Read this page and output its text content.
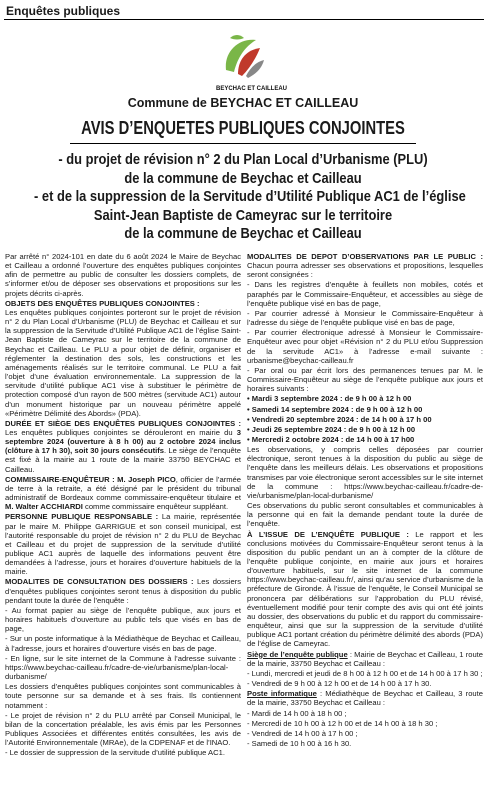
Enquêtes publiques
BEYCHAC ET CAILLEAU
Commune de BEYCHAC ET CAILLEAU
AVIS D’ENQUETES PUBLIQUES CONJOINTES
- du projet de révision n° 2 du Plan Local d’Urbanisme (PLU)
de la commune de Beychac et Cailleau
- et de la suppression de la Servitude d’Utilité Publique AC1 de l’église
Saint-Jean Baptiste de Cameyrac sur le territoire
de la commune de Beychac et Cailleau

Par arrêté n° 2024-101 en date du 6 août 2024 le Maire de Beychac et Cailleau a ordonné l’ouverture des enquêtes publiques conjointes afin de permettre au public de consulter les dossiers complets, de s’informer et/ou de déposer ses observations et propositions sur les projets décrits ci-après.

OBJETS DES ENQUÊTES PUBLIQUES CONJOINTES :
Les enquêtes publiques conjointes porteront sur le projet de révision n° 2 du Plan Local d’Urbanisme (PLU) de Beychac et Cailleau et sur la suppression de la Servitude d’Utilité Publique AC1 de l’église Saint-Jean Baptiste de Cameyrac sur le territoire de la commune de Beychac et Cailleau. Le PLU a pour objet de définir, organiser et réglementer la destination des sols, les constructions et les aménagements réalisés sur le territoire communal. Le PLU a fait l’objet d’une évaluation environnementale. La suppression de la servitude d’utilité publique AC1 vise à substituer le périmètre de protection composé d’un rayon de 500 mètres (servitude AC1) autour d’un monument historique par un nouveau périmètre appelé «Périmètre Délimité des Abords» (PDA).

DURÉE ET SIÈGE DES ENQUÊTES PUBLIQUES CONJOINTES : Les enquêtes publiques conjointes se dérouleront en mairie du 3 septembre 2024 (ouverture à 8 h 00) au 2 octobre 2024 inclus (clôture à 17 h 30), soit 30 jours consécutifs. Le siège de l’enquête est fixé à la mairie au 1 route de la mairie 33750 BEYCHAC et Cailleau.

COMMISSAIRE-ENQUÊTEUR : M. Joseph PICO, officier de l’armée de terre à la retraite, a été désigné par le président du tribunal administratif de Bordeaux comme commissaire-enquêteur titulaire et M. Walter ACCHIARDI comme commissaire enquêteur suppléant.

PERSONNE PUBLIQUE RESPONSABLE : La mairie, représentée par le maire M. Philippe GARRIGUE et son conseil municipal, est l’autorité responsable du projet de révision n° 2 du PLU de Beychac et Cailleau et du projet de suppression de la servitude d’utilité publique AC1 auprès de laquelle des informations peuvent être demandées à l’adresse, jours et horaires d’ouverture habituels de la mairie.

MODALITES DE CONSULTATION DES DOSSIERS : Les dossiers d’enquêtes publiques conjointes seront tenus à disposition du public pendant toute la durée de l’enquête :

- Au format papier au siège de l’enquête publique, aux jours et horaires habituels d’ouverture au public tels que visés en bas de page,

- Sur un poste informatique à la Médiathèque de Beychac et Cailleau, à l’adresse, jours et horaires d’ouverture visés en bas de page.

- En ligne, sur le site internet de la Commune à l’adresse suivante : https://www.beychac-cailleau.fr/cadre-de-vie/urbanisme/plan-local-durbanisme/

Les dossiers d’enquêtes publiques conjointes sont communicables à toute personne sur sa demande et à ses frais. Ils contiennent notamment :

- Le projet de révision n° 2 du PLU arrêté par Conseil Municipal, le bilan de la concertation préalable, les avis émis par les Personnes Publiques Associées et différentes entités consultées, les avis de l’Autorité Environnementale (MRAe), de la CDPENAF et de l’INAO.

- Le dossier de suppression de la servitude d’utilité publique AC1.

MODALITES DE DEPOT D’OBSERVATIONS PAR LE PUBLIC : Chacun pourra adresser ses observations et propositions, lesquelles seront consignées :

- Dans les registres d’enquête à feuillets non mobiles, cotés et paraphés par le Commissaire-Enquêteur, et accessibles au siège de l’enquête publique visé en bas de page,

- Par courrier adressé à Monsieur le Commissaire-Enquêteur à l’adresse du siège de l’enquête publique visé en bas de page,

- Par courrier électronique adressé à Monsieur le Commissaire-Enquêteur avec pour objet «Révision n° 2 du PLU et/ou Suppression de la servitude AC1» à l’adresse e-mail suivante : urbanisme@beychac-cailleau.fr

- Par oral ou par écrit lors des permanences tenues par M. le Commissaire-Enquêteur au siège de l’enquête publique aux jours et horaires suivants :

• Mardi 3 septembre 2024 : de 9 h 00 à 12 h 00

• Samedi 14 septembre 2024 : de 9 h 00 à 12 h 00

• Vendredi 20 septembre 2024 : de 14 h 00 à 17 h 00

• Jeudi 26 septembre 2024 : de 9 h 00 à 12 h 00

• Mercredi 2 octobre 2024 : de 14 h 00 à 17 h00

Les observations, y compris celles déposées par courrier électronique, seront tenues à la disposition du public au siège de l’enquête dans les meilleurs délais. Les observations et propositions transmises par voie électronique seront accessibles sur le site internet de la commune : https://www.beychac-cailleau.fr/cadre-de-vie/urbanisme/plan-local-durbanisme/

Ces observations du public seront consultables et communicables à la personne qui en fait la demande pendant toute la durée de l’enquête.

À L’ISSUE DE L’ENQUÊTE PUBLIQUE : Le rapport et les conclusions motivées du Commissaire-Enquêteur seront tenus à la disposition du public pendant un an à compter de la clôture de l’enquête publique conjointe, en mairie aux jours et horaires d’ouverture habituels, sur le site internet de la commune https://www.beychac-cailleau.fr/, ainsi qu’au service d’urbanisme de la préfecture de Gironde. À l’issue de l’enquête, le Conseil Municipal se prononcera par délibérations sur l’approbation du PLU révisé, éventuellement modifié pour tenir compte des avis qui ont été joints au dossier, des observations du public et du rapport du commissaire-enquêteur, ainsi que sur la suppression de la servitude d’utilité publique AC1 portant création du périmètre délimité des abords (PDA) de l’église de Cameyrac.

Siège de l’enquête publique : Mairie de Beychac et Cailleau, 1 route de la mairie, 33750 Beychac et Cailleau :

- Lundi, mercredi et jeudi de 8 h 00 à 12 h 00 et de 14 h 00 à 17 h 30 ;

- Vendredi de 9 h 00 à 12 h 00 et de 14 h 00 à 17 h 30.

Poste informatique : Médiathèque de Beychac et Cailleau, 3 route de la mairie, 33750 Beychac et Cailleau :

- Mardi de 14 h 00 à 18 h 00 ;

- Mercredi de 10 h 00 à 12 h 00 et de 14 h 00 à 18 h 30 ;

- Vendredi de 14 h 00 à 17 h 00 ;

- Samedi de 10 h 00 à 16 h 30.
